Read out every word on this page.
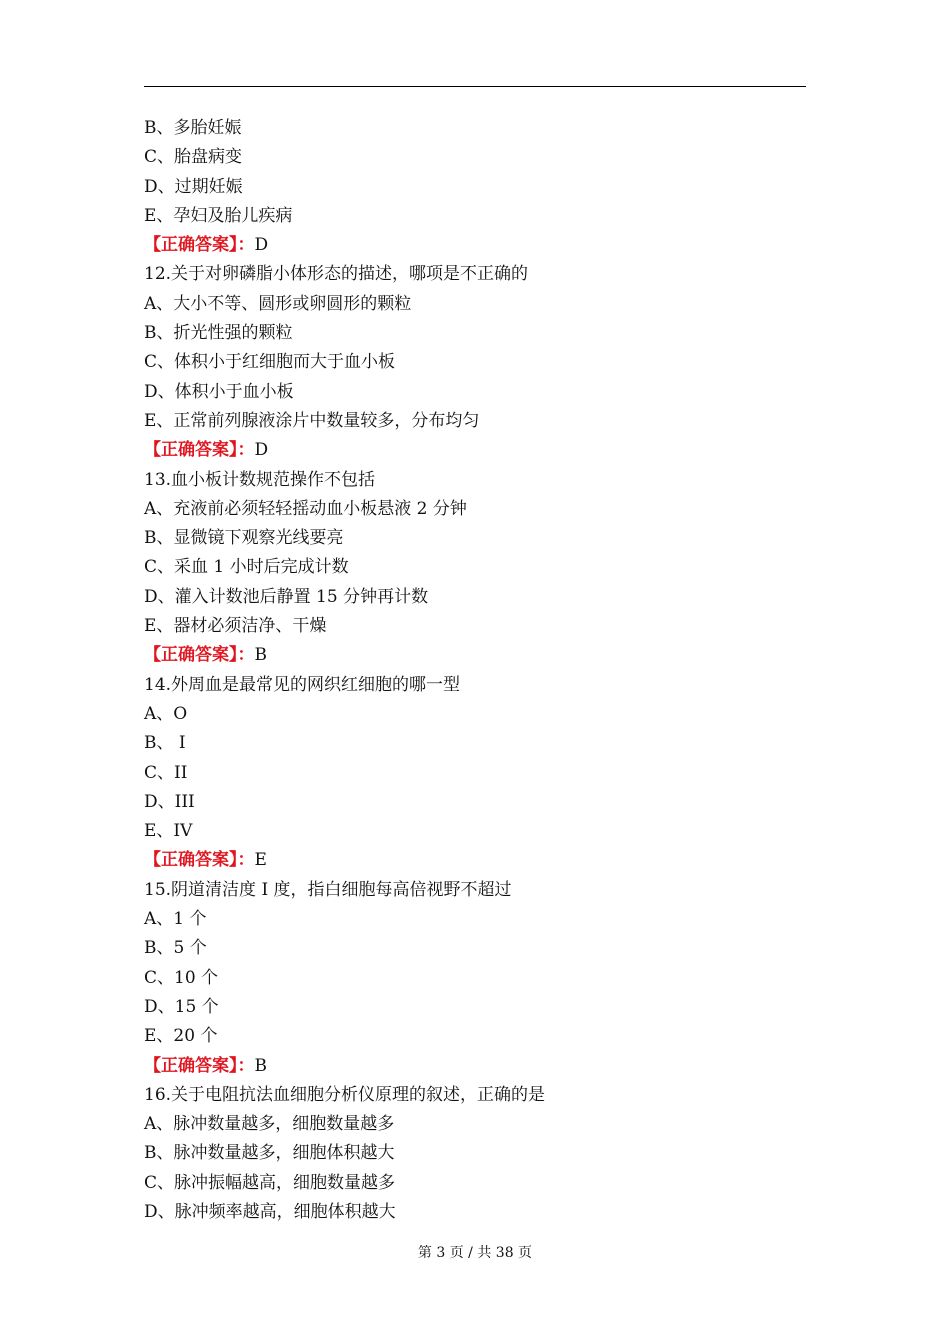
B、多胎妊娠
C、胎盘病变
D、过期妊娠
E、孕妇及胎儿疾病
【正确答案】：D
12.关于对卵磷脂小体形态的描述，哪项是不正确的
A、大小不等、圆形或卵圆形的颗粒
B、折光性强的颗粒
C、体积小于红细胞而大于血小板
D、体积小于血小板
E、正常前列腺液涂片中数量较多，分布均匀
【正确答案】：D
13.血小板计数规范操作不包括
A、充液前必须轻轻摇动血小板悬液 2 分钟
B、显微镜下观察光线要亮
C、采血 1 小时后完成计数
D、灌入计数池后静置 15 分钟再计数
E、器材必须洁净、干燥
【正确答案】：B
14.外周血是最常见的网织红细胞的哪一型
A、O
B、 I
C、II
D、III
E、IV
【正确答案】：E
15.阴道清洁度 I 度，指白细胞每高倍视野不超过
A、1 个
B、5 个
C、10 个
D、15 个
E、20 个
【正确答案】：B
16.关于电阻抗法血细胞分析仪原理的叙述，正确的是
A、脉冲数量越多，细胞数量越多
B、脉冲数量越多，细胞体积越大
C、脉冲振幅越高，细胞数量越多
D、脉冲频率越高，细胞体积越大
第 3 页 / 共 38 页
